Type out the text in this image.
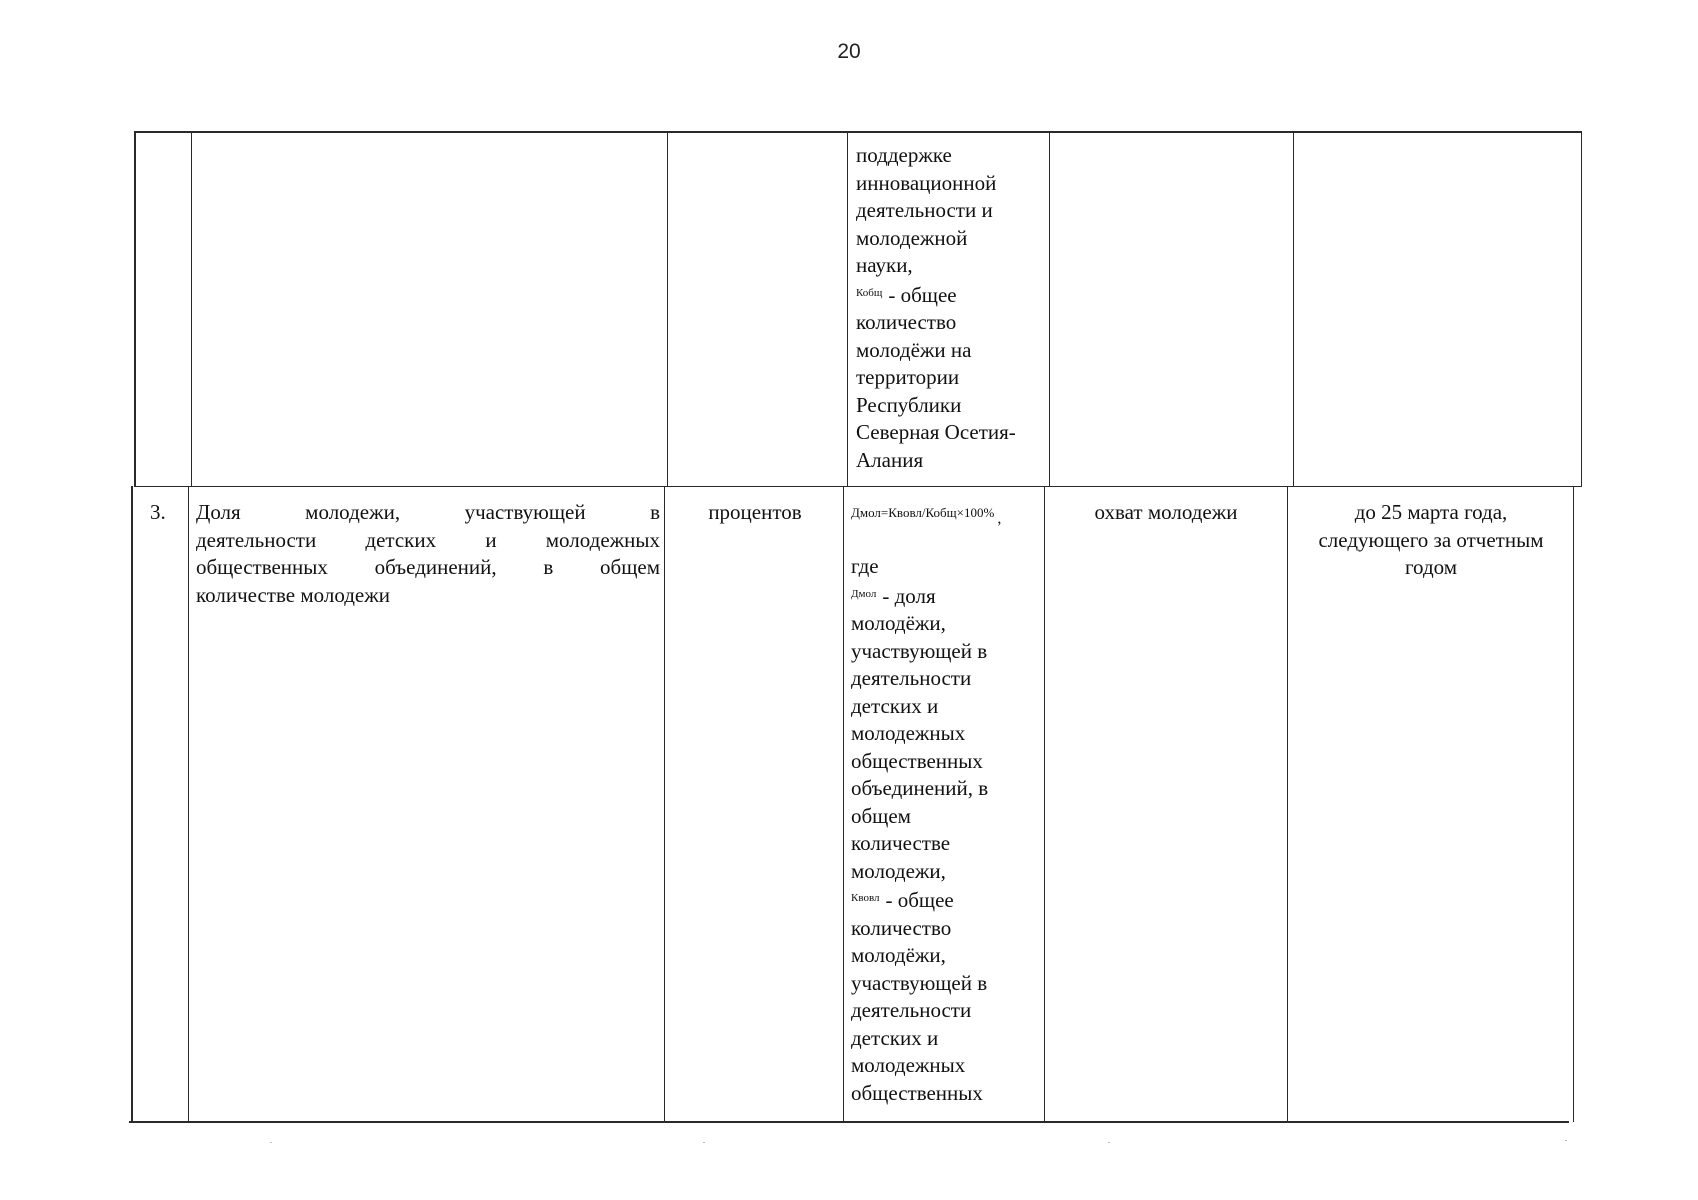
20
поддержке
инновационной
деятельности и
молодежной
науки,
$^{Кобщ}$ - общее
количество
молодёжи на
территории
Республики
Северная Осетия-
Алания
3. Доля молодежи, участвующей в
деятельности детских и молодежных
общественных объединений, в общем
количестве молодежи
процентов	Дмол=Квовл/Кобщ×100% $_,$
где
$^{Дмол}$ - доля
молодёжи,
участвующей в
деятельности
детских и
молодежных
общественных
объединений, в
общем
количестве
молодежи,
$^{Квовл}$ - общее
количество
молодёжи,
участвующей в
деятельности
детских и
молодежных
общественных
охват молодежи	до 25 марта года,
следующего за отчетным
годом
